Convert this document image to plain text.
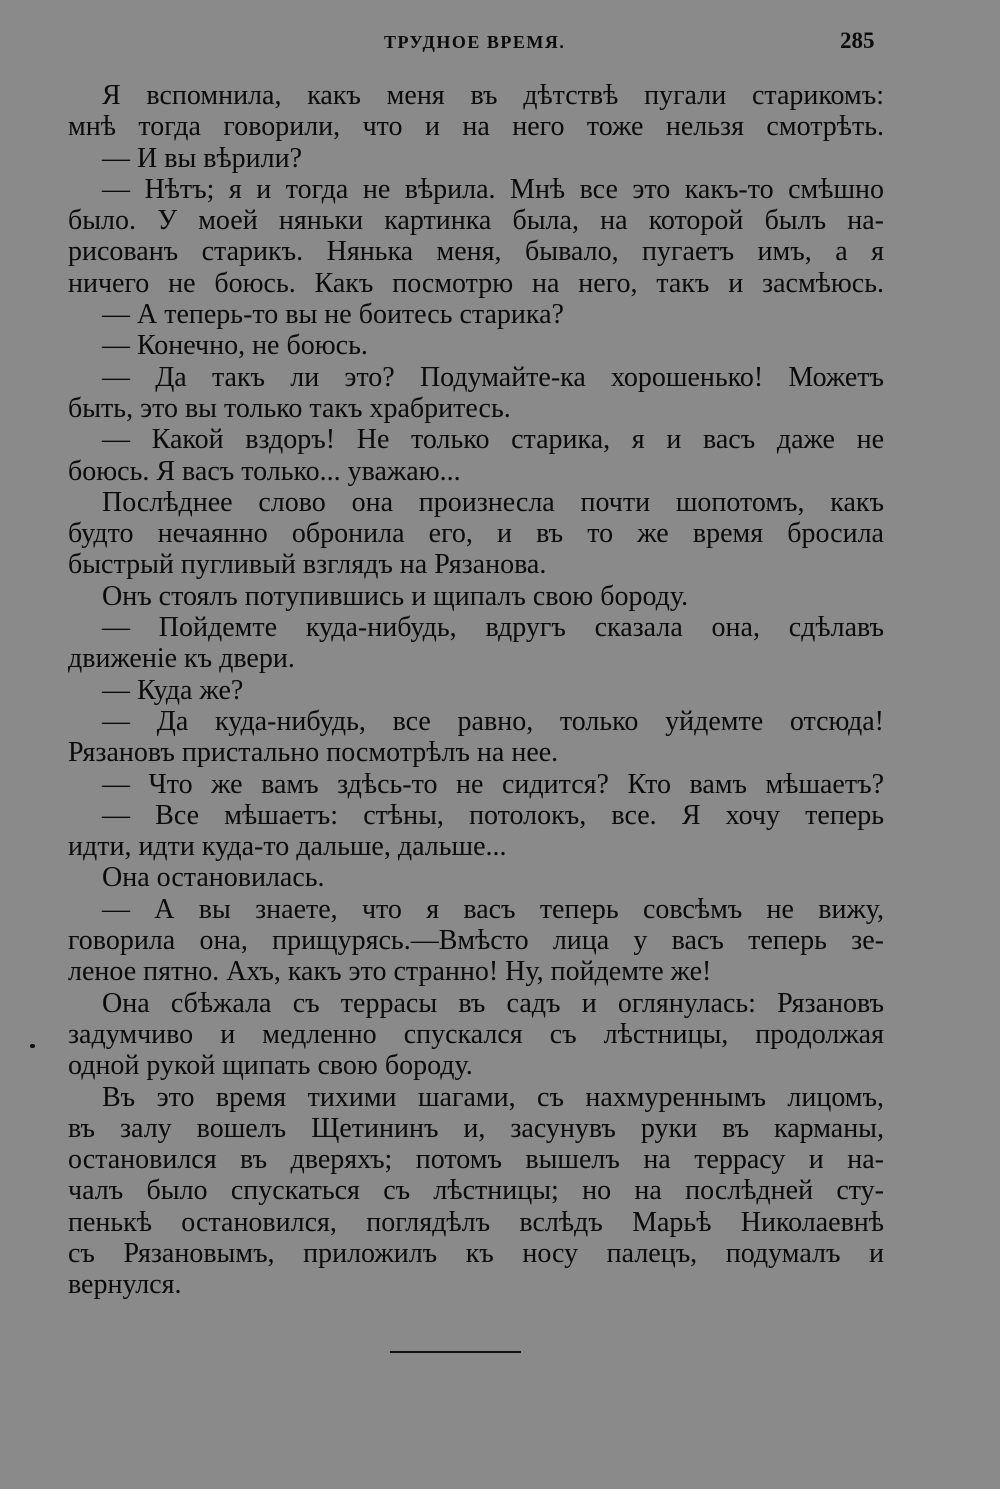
ТРУДНОЕ ВРЕМЯ.	285
Я вспомнила, какъ меня въ дѣтствѣ пугали старикомъ:
мнѣ тогда говорили, что и на него тоже нельзя смотрѣть.
— И вы вѣрили?
— Нѣтъ; я и тогда не вѣрила. Мнѣ все это какъ-то смѣшно
было. У моей няньки картинка была, на которой былъ на-
рисованъ старикъ. Нянька меня, бывало, пугаетъ имъ, а я
ничего не боюсь. Какъ посмотрю на него, такъ и засмѣюсь.
— А теперь-то вы не боитесь старика?
— Конечно, не боюсь.
— Да такъ ли это? Подумайте-ка хорошенько! Можетъ
быть, это вы только такъ храбритесь.
— Какой вздоръ! Не только старика, я и васъ даже не
боюсь. Я васъ только... уважаю...
Послѣднее слово она произнесла почти шопотомъ, какъ
будто нечаянно обронила его, и въ то же время бросила
быстрый пугливый взглядъ на Рязанова.
Онъ стоялъ потупившись и щипалъ свою бороду.
— Пойдемте куда-нибудь, вдругъ сказала она, сдѣлавъ
движеніе къ двери.
— Куда же?
— Да куда-нибудь, все равно, только уйдемте отсюда!
Рязановъ пристально посмотрѣлъ на нее.
— Что же вамъ здѣсь-то не сидится? Кто вамъ мѣшаетъ?
— Все мѣшаетъ: стѣны, потолокъ, все. Я хочу теперь
идти, идти куда-то дальше, дальше...
Она остановилась.
— А вы знаете, что я васъ теперь совсѣмъ не вижу,
говорила она, прищурясь.—Вмѣсто лица у васъ теперь зе-
леное пятно. Ахъ, какъ это странно! Ну, пойдемте же!
Она сбѣжала съ террасы въ садъ и оглянулась: Рязановъ
задумчиво и медленно спускался съ лѣстницы, продолжая
одной рукой щипать свою бороду.
Въ это время тихими шагами, съ нахмуреннымъ лицомъ,
въ залу вошелъ Щетининъ и, засунувъ руки въ карманы,
остановился въ дверяхъ; потомъ вышелъ на террасу и на-
чалъ было спускаться съ лѣстницы; но на послѣдней сту-
пенькѣ остановился, поглядѣлъ вслѣдъ Марьѣ Николаевнѣ
съ Рязановымъ, приложилъ къ носу палецъ, подумалъ и
вернулся.
